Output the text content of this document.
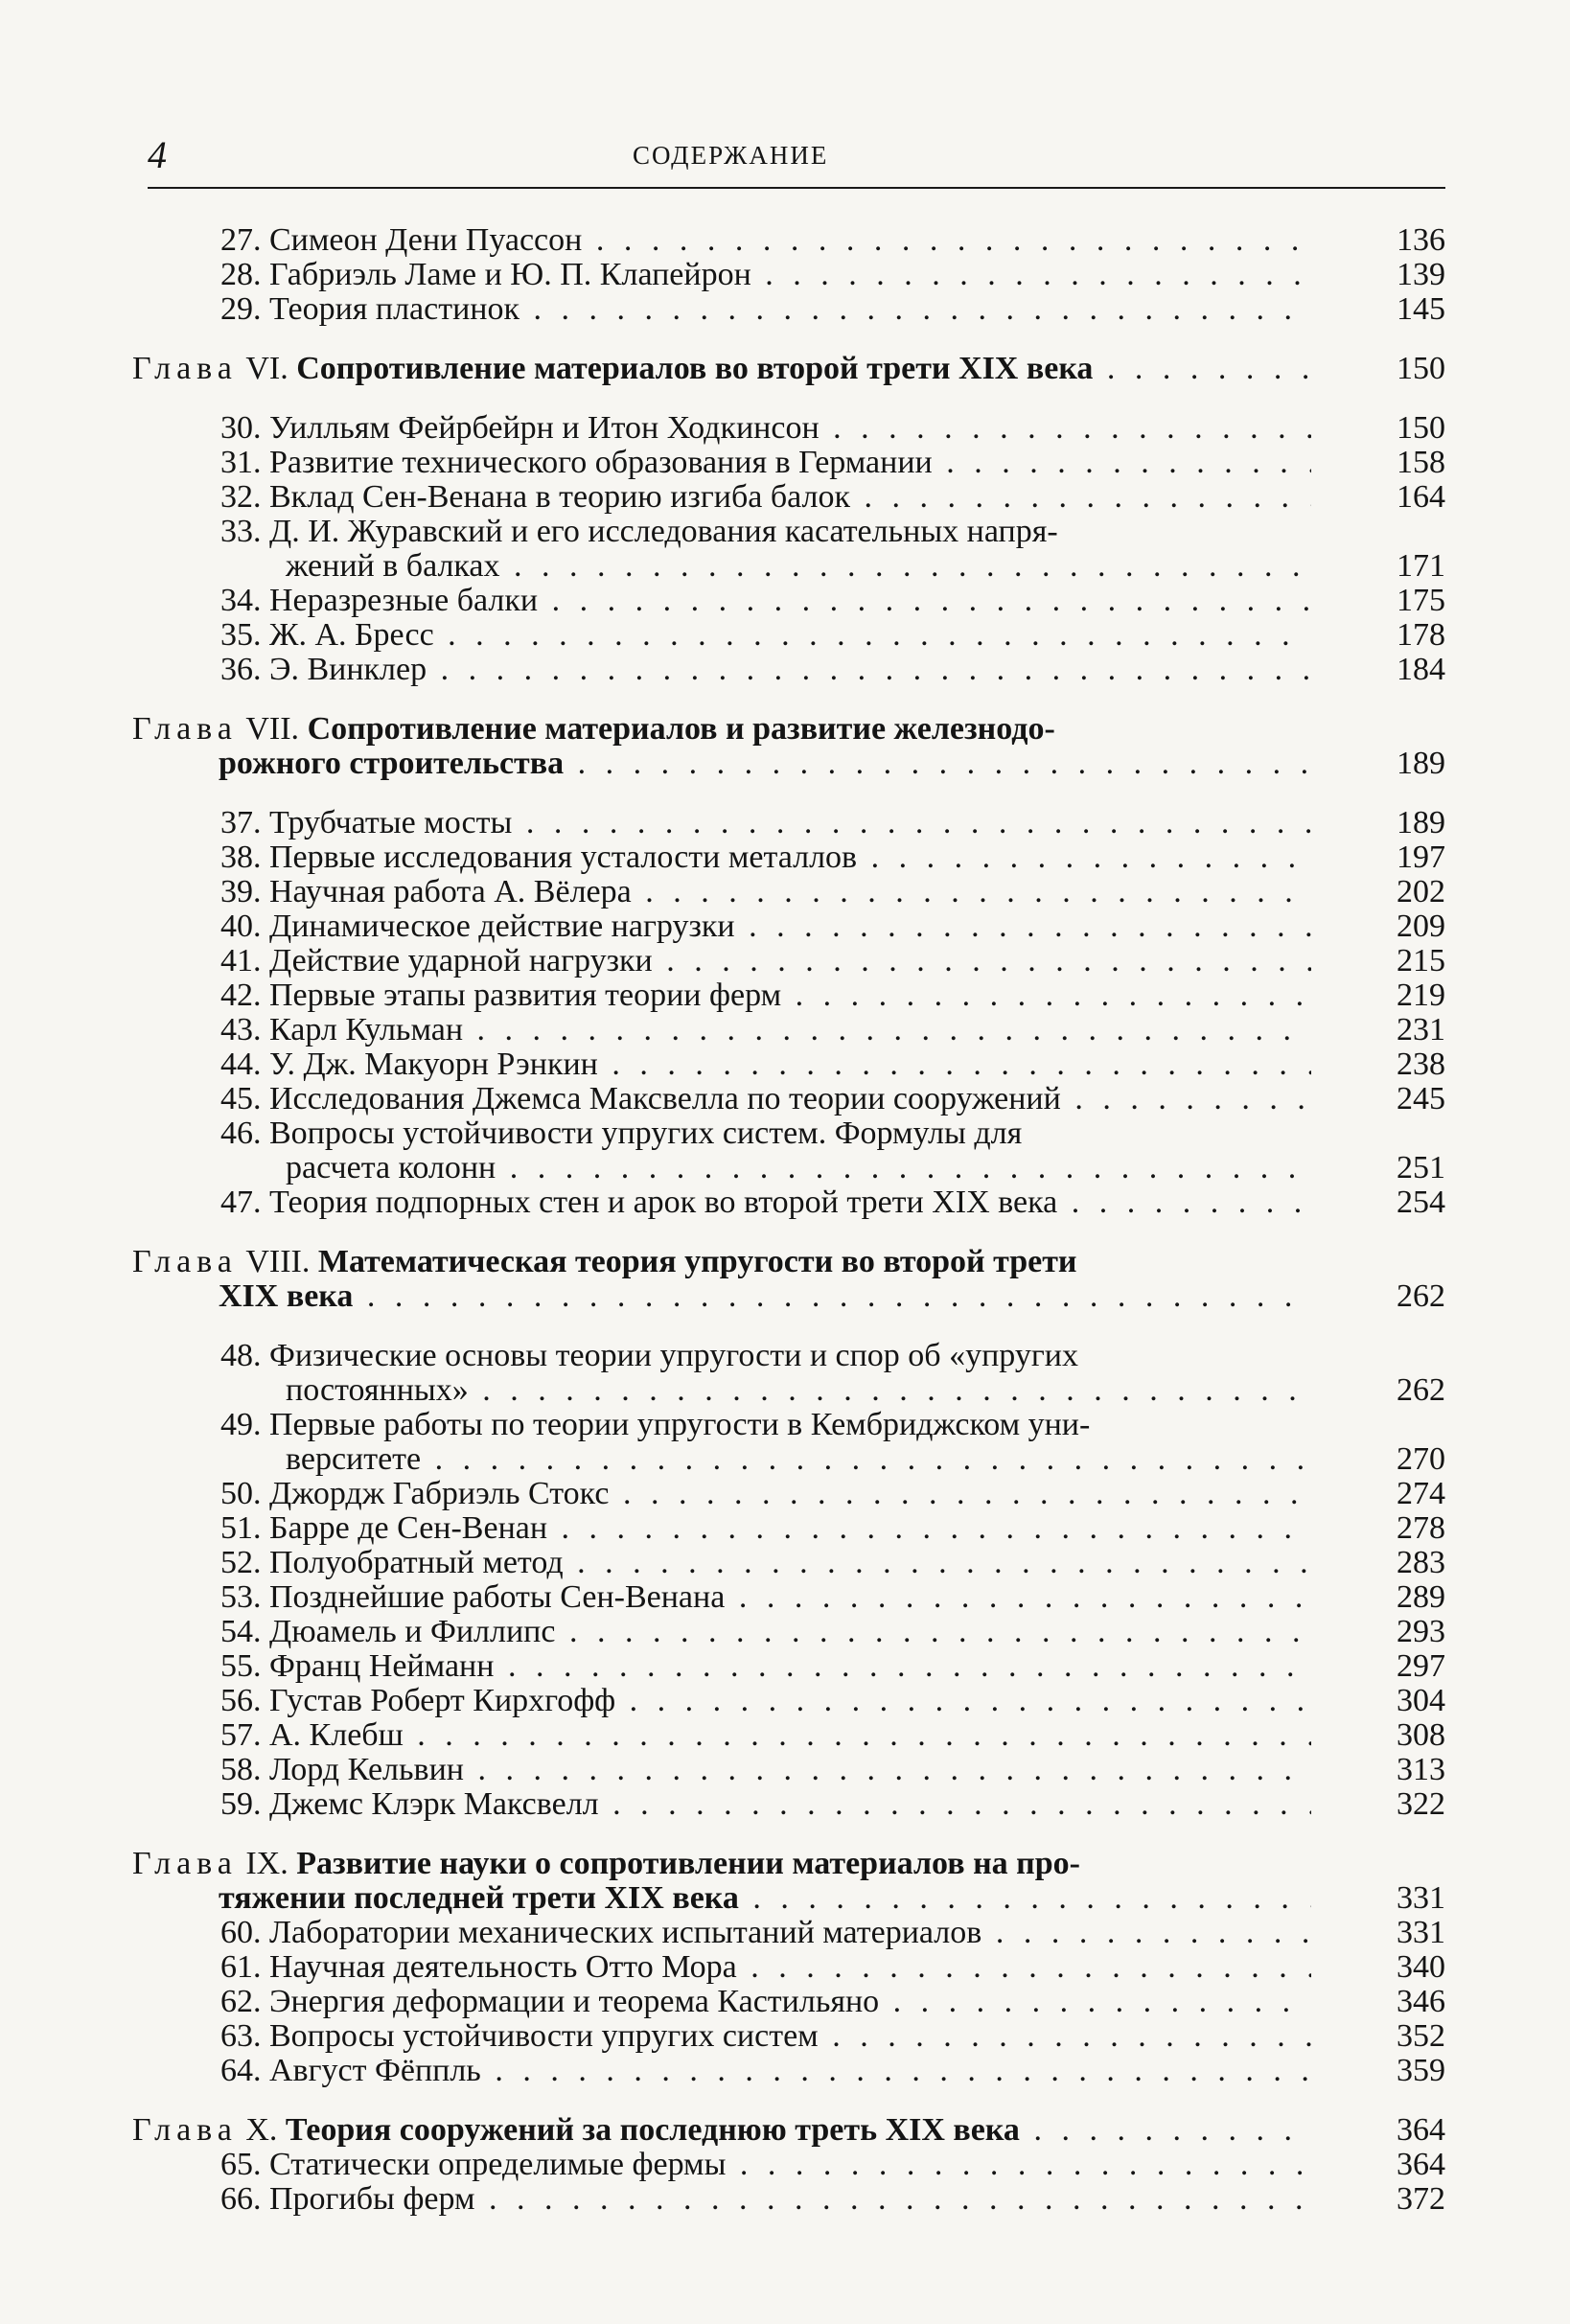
4	СОДЕРЖАНИЕ
27. Симеон Дени Пуассон . . .	136
28. Габриэль Ламе и Ю. П. Клапейрон . . .	139
29. Теория пластинок . . .	145
Глава VI. Сопротивление материалов во второй трети XIX века . . .	150
30. Уилльям Фейрбейрн и Итон Ходкинсон . . .	150
31. Развитие технического образования в Германии . . .	158
32. Вклад Сен-Венана в теорию изгиба балок . . .	164
33. Д. И. Журавский и его исследования касательных напря-
жений в балках . . .	171
34. Неразрезные балки . . .	175
35. Ж. А. Бресс . . .	178
36. Э. Винклер . . .	184
Глава VII. Сопротивление материалов и развитие железнодо-
рожного строительства . . .	189
37. Трубчатые мосты . . .	189
38. Первые исследования усталости металлов . . .	197
39. Научная работа А. Вёлера . . .	202
40. Динамическое действие нагрузки . . .	209
41. Действие ударной нагрузки . . .	215
42. Первые этапы развития теории ферм . . .	219
43. Карл Кульман . . .	231
44. У. Дж. Макуорн Рэнкин . . .	238
45. Исследования Джемса Максвелла по теории сооружений . . .	245
46. Вопросы устойчивости упругих систем. Формулы для
расчета колонн . . .	251
47. Теория подпорных стен и арок во второй трети XIX века . . .	254
Глава VIII. Математическая теория упругости во второй трети
XIX века . . .	262
48. Физические основы теории упругости и спор об «упругих
постоянных» . . .	262
49. Первые работы по теории упругости в Кембриджском уни-
верситете . . .	270
50. Джордж Габриэль Стокс . . .	274
51. Барре де Сен-Венан . . .	278
52. Полуобратный метод . . .	283
53. Позднейшие работы Сен-Венана . . .	289
54. Дюамель и Филлипс . . .	293
55. Франц Нейманн . . .	297
56. Густав Роберт Кирхгофф . . .	304
57. А. Клебш . . .	308
58. Лорд Кельвин . . .	313
59. Джемс Клэрк Максвелл . . .	322
Глава IX. Развитие науки о сопротивлении материалов на про-
тяжении последней трети XIX века . . .	331
60. Лаборатории механических испытаний материалов . . .	331
61. Научная деятельность Отто Мора . . .	340
62. Энергия деформации и теорема Кастильяно . . .	346
63. Вопросы устойчивости упругих систем . . .	352
64. Август Фёппль . . .	359
Глава X. Теория сооружений за последнюю треть XIX века . . .	364
65. Статически определимые фермы . . .	364
66. Прогибы ферм . . .	372
